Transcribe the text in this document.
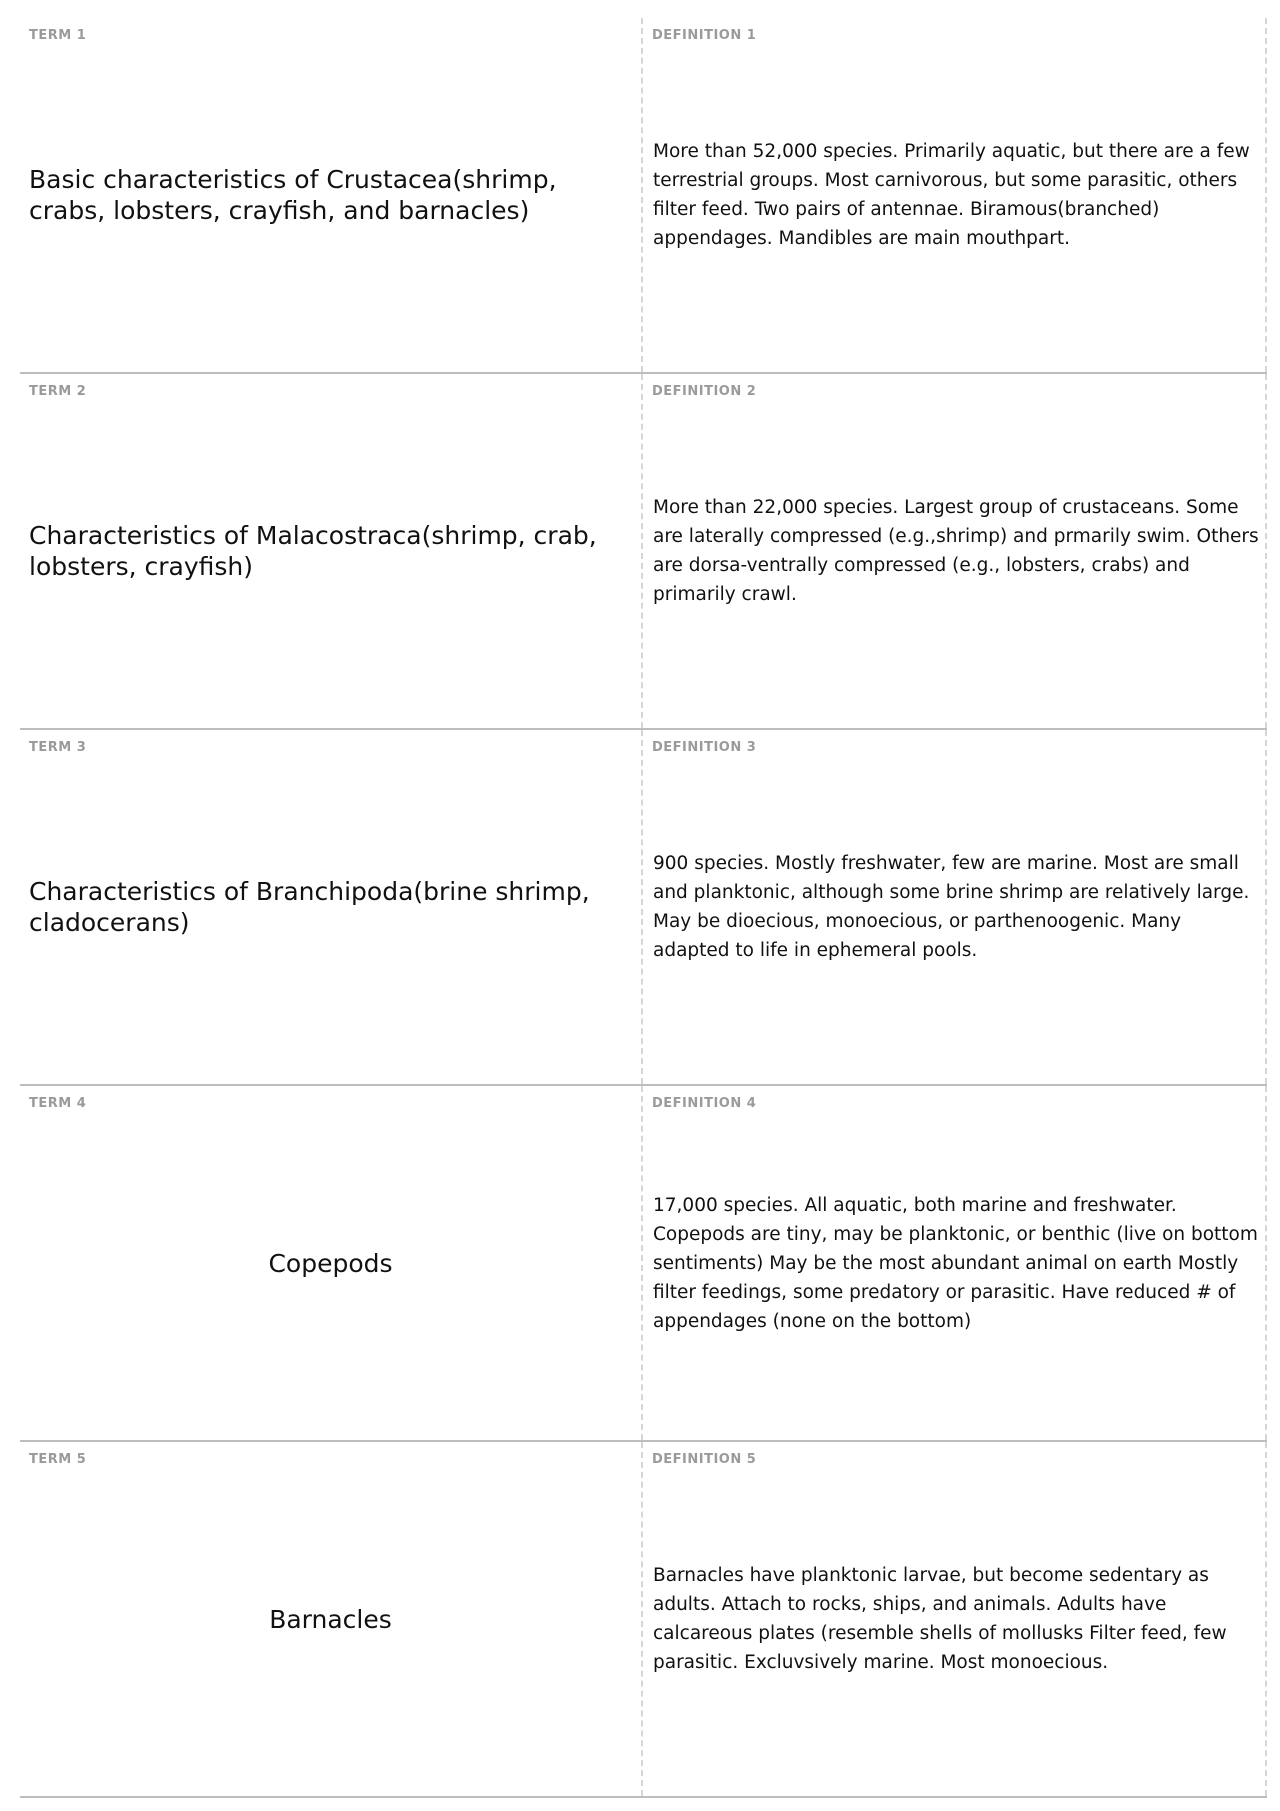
TERM 1
Basic characteristics of Crustacea(shrimp, crabs, lobsters, crayfish, and barnacles)
DEFINITION 1
More than 52,000 species. Primarily aquatic, but there are a few terrestrial groups. Most carnivorous, but some parasitic, others filter feed. Two pairs of antennae. Biramous(branched) appendages. Mandibles are main mouthpart.
TERM 2
Characteristics of Malacostraca(shrimp, crab, lobsters, crayfish)
DEFINITION 2
More than 22,000 species. Largest group of crustaceans. Some are laterally compressed (e.g.,shrimp) and prmarily swim. Others are dorsa-ventrally compressed (e.g., lobsters, crabs) and primarily crawl.
TERM 3
Characteristics of Branchipoda(brine shrimp, cladocerans)
DEFINITION 3
900 species. Mostly freshwater, few are marine. Most are small and planktonic, although some brine shrimp are relatively large. May be dioecious, monoecious, or parthenoogenic. Many adapted to life in ephemeral pools.
TERM 4
Copepods
DEFINITION 4
17,000 species. All aquatic, both marine and freshwater. Copepods are tiny, may be planktonic, or benthic (live on bottom sentiments) May be the most abundant animal on earth Mostly filter feedings, some predatory or parasitic. Have reduced # of appendages (none on the bottom)
TERM 5
Barnacles
DEFINITION 5
Barnacles have planktonic larvae, but become sedentary as adults. Attach to rocks, ships, and animals. Adults have calcareous plates (resemble shells of mollusks Filter feed, few parasitic. Excluvsively marine. Most monoecious.
